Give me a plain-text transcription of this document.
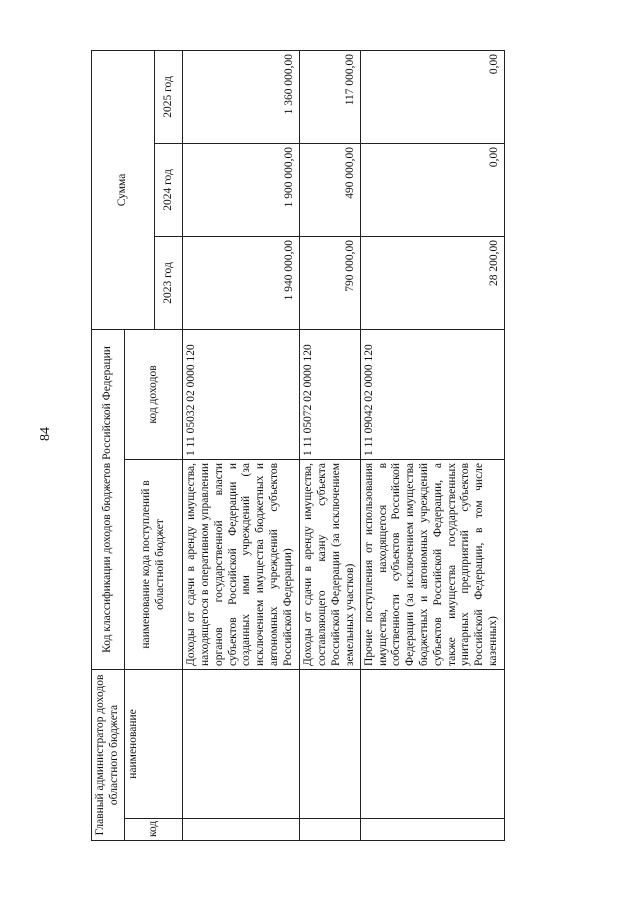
84
Главный администратор доходов областного бюджета		Код классификации доходов бюджетов Российской Федерации		Сумма		
код	наименование	наименование кода поступлений в областной бюджет	код доходов			
				2023 год	2024 год	2025 год
		Доходы от сдачи в аренду имущества, находящегося в оперативном управлении органов государственной власти субъектов Российской Федерации и созданных ими учреждений (за исключением имущества бюджетных и автономных учреждений субъектов Российской Федерации)	1 11 05032 02 0000 120	1 940 000,00	1 900 000,00	1 360 000,00
		Доходы от сдачи в аренду имущества, составляющего казну субъекта Российской Федерации (за исключением земельных участков)	1 11 05072 02 0000 120	790 000,00	490 000,00	117 000,00
		Прочие поступления от использования имущества, находящегося в собственности субъектов Российской Федерации (за исключением имущества бюджетных и автономных учреждений субъектов Российской Федерации, а также имущества государственных унитарных предприятий субъектов Российской Федерации, в том числе казенных)	1 11 09042 02 0000 120	28 200,00	0,00	0,00
